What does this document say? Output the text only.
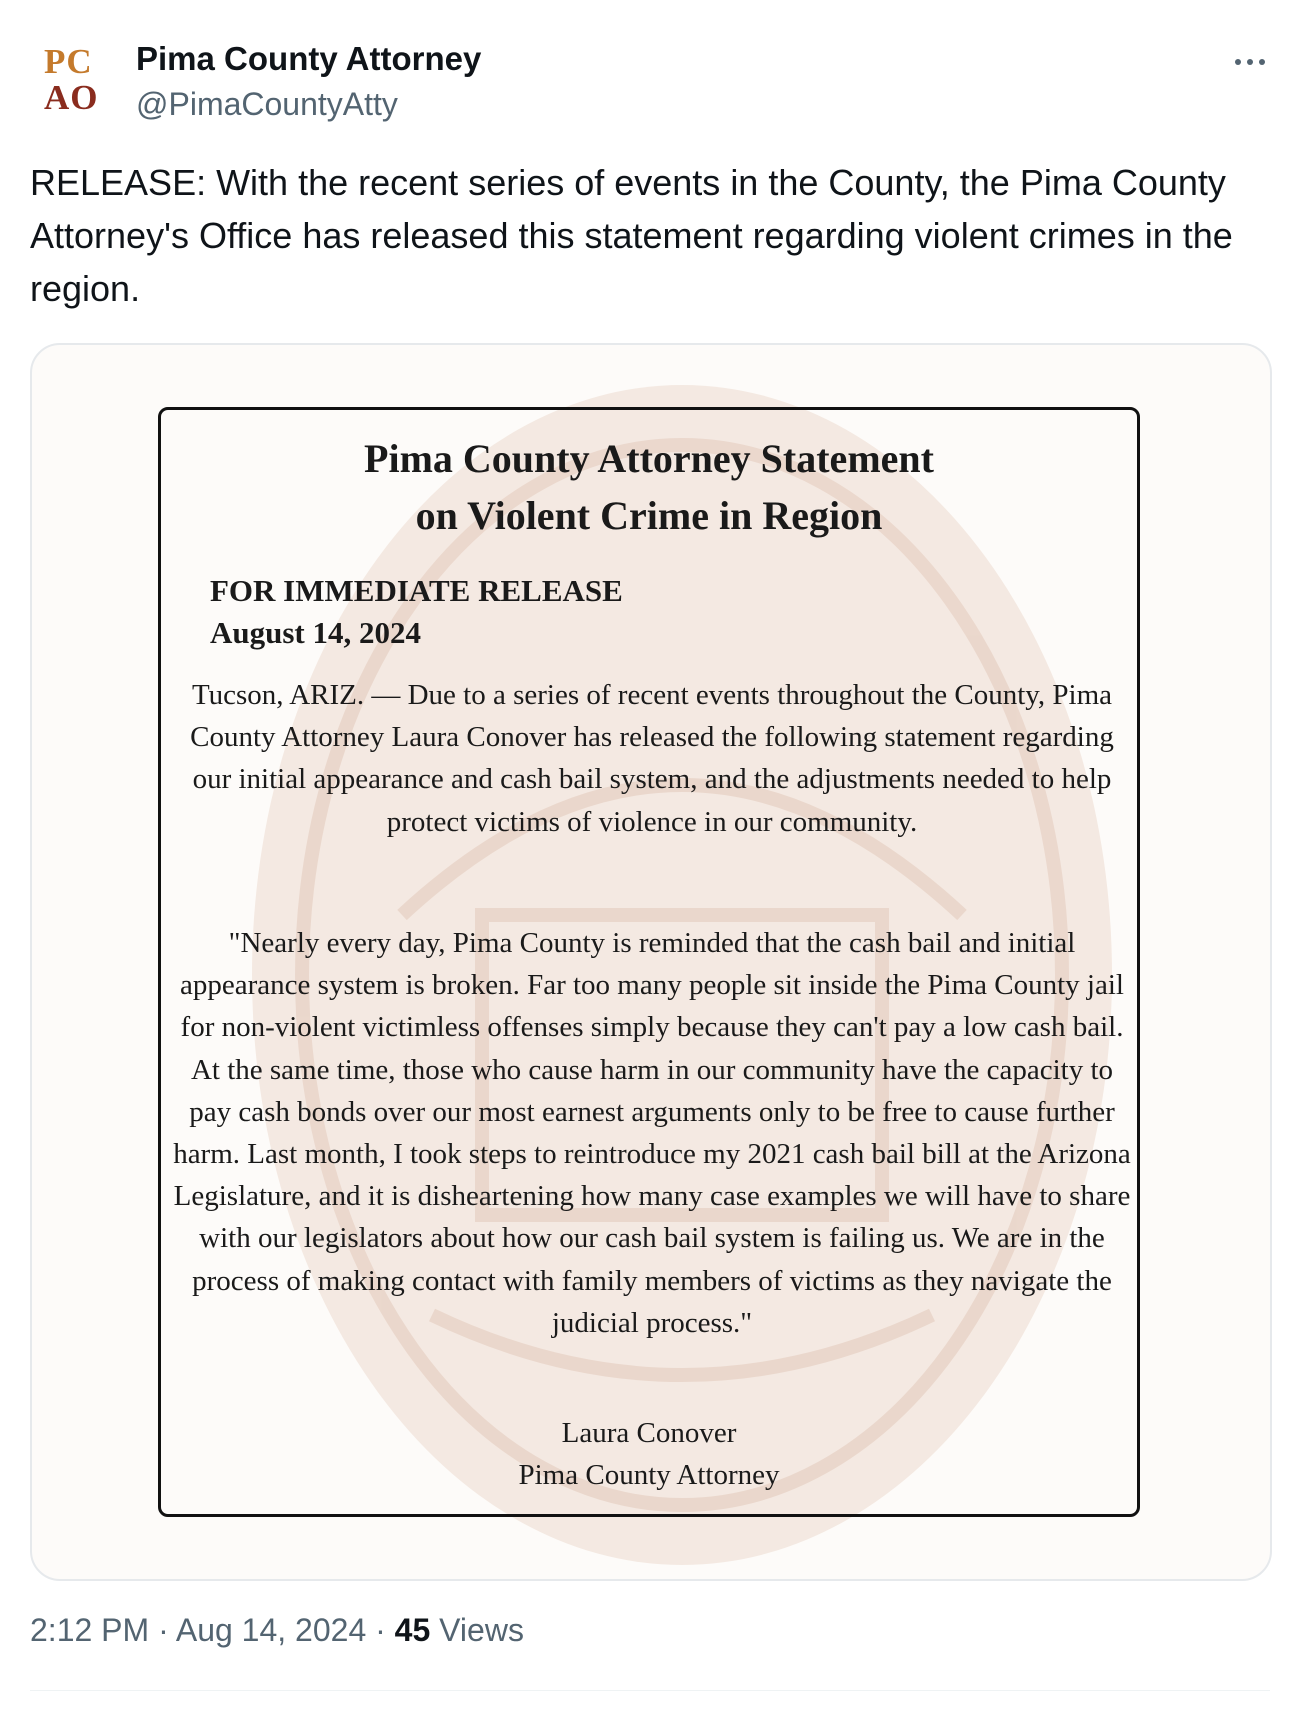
PC
AO
Pima County Attorney
@PimaCountyAtty

RELEASE: With the recent series of events in the County, the Pima County Attorney's Office has released this statement regarding violent crimes in the region.

Pima County Attorney Statement
on Violent Crime in Region
FOR IMMEDIATE RELEASE
August 14, 2024

Tucson, ARIZ. — Due to a series of recent events throughout the County, Pima County Attorney Laura Conover has released the following statement regarding our initial appearance and cash bail system, and the adjustments needed to help protect victims of violence in our community.

"Nearly every day, Pima County is reminded that the cash bail and initial appearance system is broken. Far too many people sit inside the Pima County jail for non-violent victimless offenses simply because they can't pay a low cash bail. At the same time, those who cause harm in our community have the capacity to pay cash bonds over our most earnest arguments only to be free to cause further harm. Last month, I took steps to reintroduce my 2021 cash bail bill at the Arizona Legislature, and it is disheartening how many case examples we will have to share with our legislators about how our cash bail system is failing us. We are in the process of making contact with family members of victims as they navigate the judicial process."

Laura Conover
Pima County Attorney
2:12 PM · Aug 14, 2024 · 45 Views
